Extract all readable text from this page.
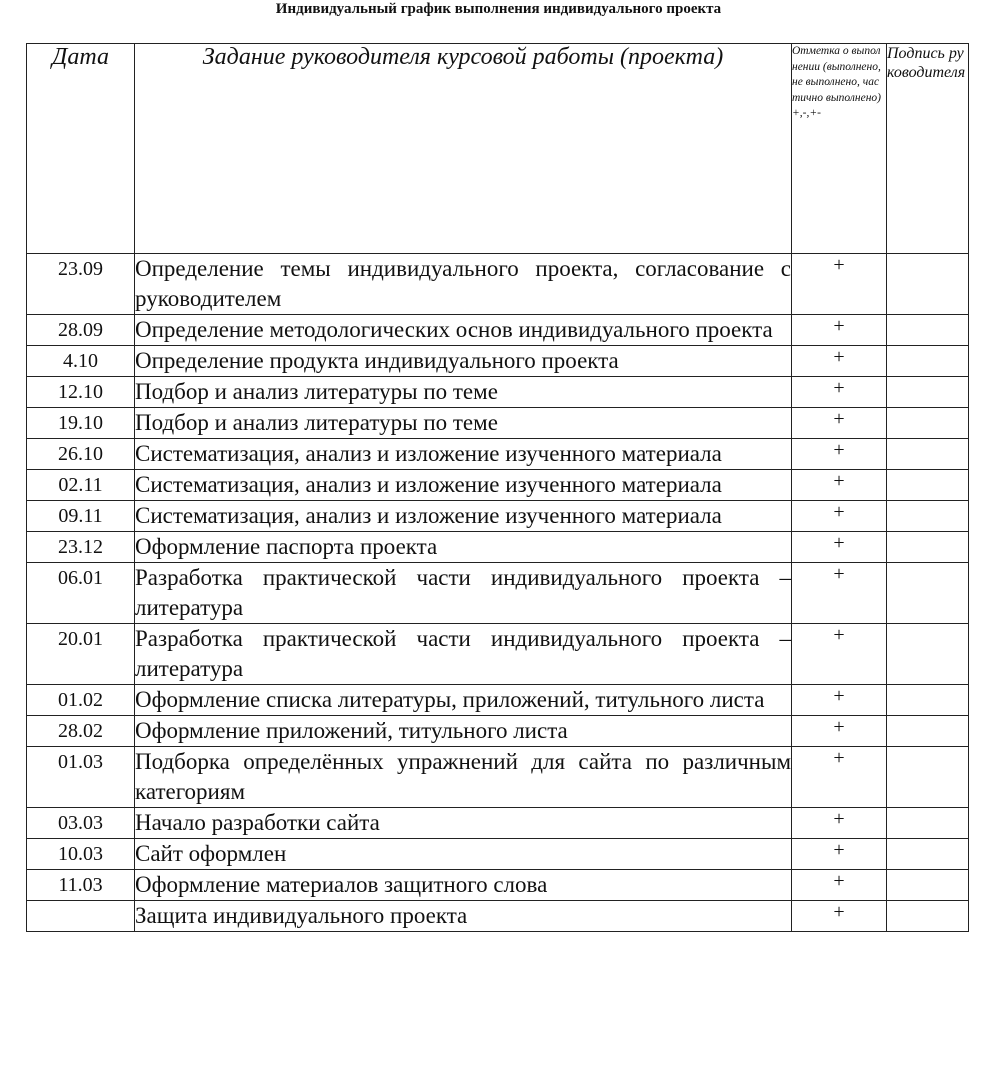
Индивидуальный график выполнения индивидуального проекта
Дата	Задание руководителя курсовой работы (проекта)	Отметка о выполнении (выполнено, не выполнено, частично выполнено)+,-,+-	Подпись руководителя
23.09	Определение темы индивидуального проекта, согласование с руководителем	+	
28.09	Определение методологических основ индивидуального проекта	+	
4.10	Определение продукта индивидуального проекта	+	
12.10	Подбор и анализ литературы по теме	+	
19.10	Подбор и анализ литературы по теме	+	
26.10	Систематизация, анализ и изложение изученного материала	+	
02.11	Систематизация, анализ и изложение изученного материала	+	
09.11	Систематизация, анализ и изложение изученного материала	+	
23.12	Оформление паспорта проекта	+	
06.01	Разработка практической части индивидуального проекта – литература	+	
20.01	Разработка практической части индивидуального проекта – литература	+	
01.02	Оформление списка литературы, приложений, титульного листа	+	
28.02	Оформление приложений, титульного листа	+	
01.03	Подборка определённых упражнений для сайта по различным категориям	+	
03.03	Начало разработки сайта	+	
10.03	Сайт оформлен	+	
11.03	Оформление материалов защитного слова	+	
	Защита индивидуального проекта	+	
